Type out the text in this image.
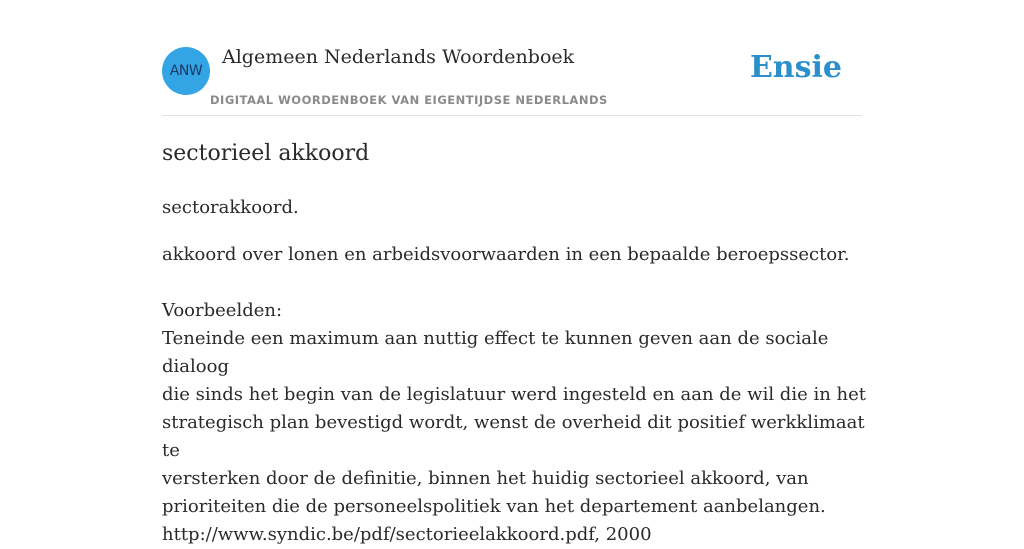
ANW
Algemeen Nederlands Woordenboek
DIGITAAL WOORDENBOEK VAN EIGENTIJDSE NEDERLANDS
Ensie
sectorieel akkoord

sectorakkoord.

akkoord over lonen en arbeidsvoorwaarden in een bepaalde beroepssector.

Voorbeelden:
Teneinde een maximum aan nuttig effect te kunnen geven aan de sociale dialoog
die sinds het begin van de legislatuur werd ingesteld en aan de wil die in het
strategisch plan bevestigd wordt, wenst de overheid dit positief werkklimaat te
versterken door de definitie, binnen het huidig sectorieel akkoord, van
prioriteiten die de personeelspolitiek van het departement aanbelangen.
http://www.syndic.be/pdf/sectorieelakkoord.pdf, 2000
